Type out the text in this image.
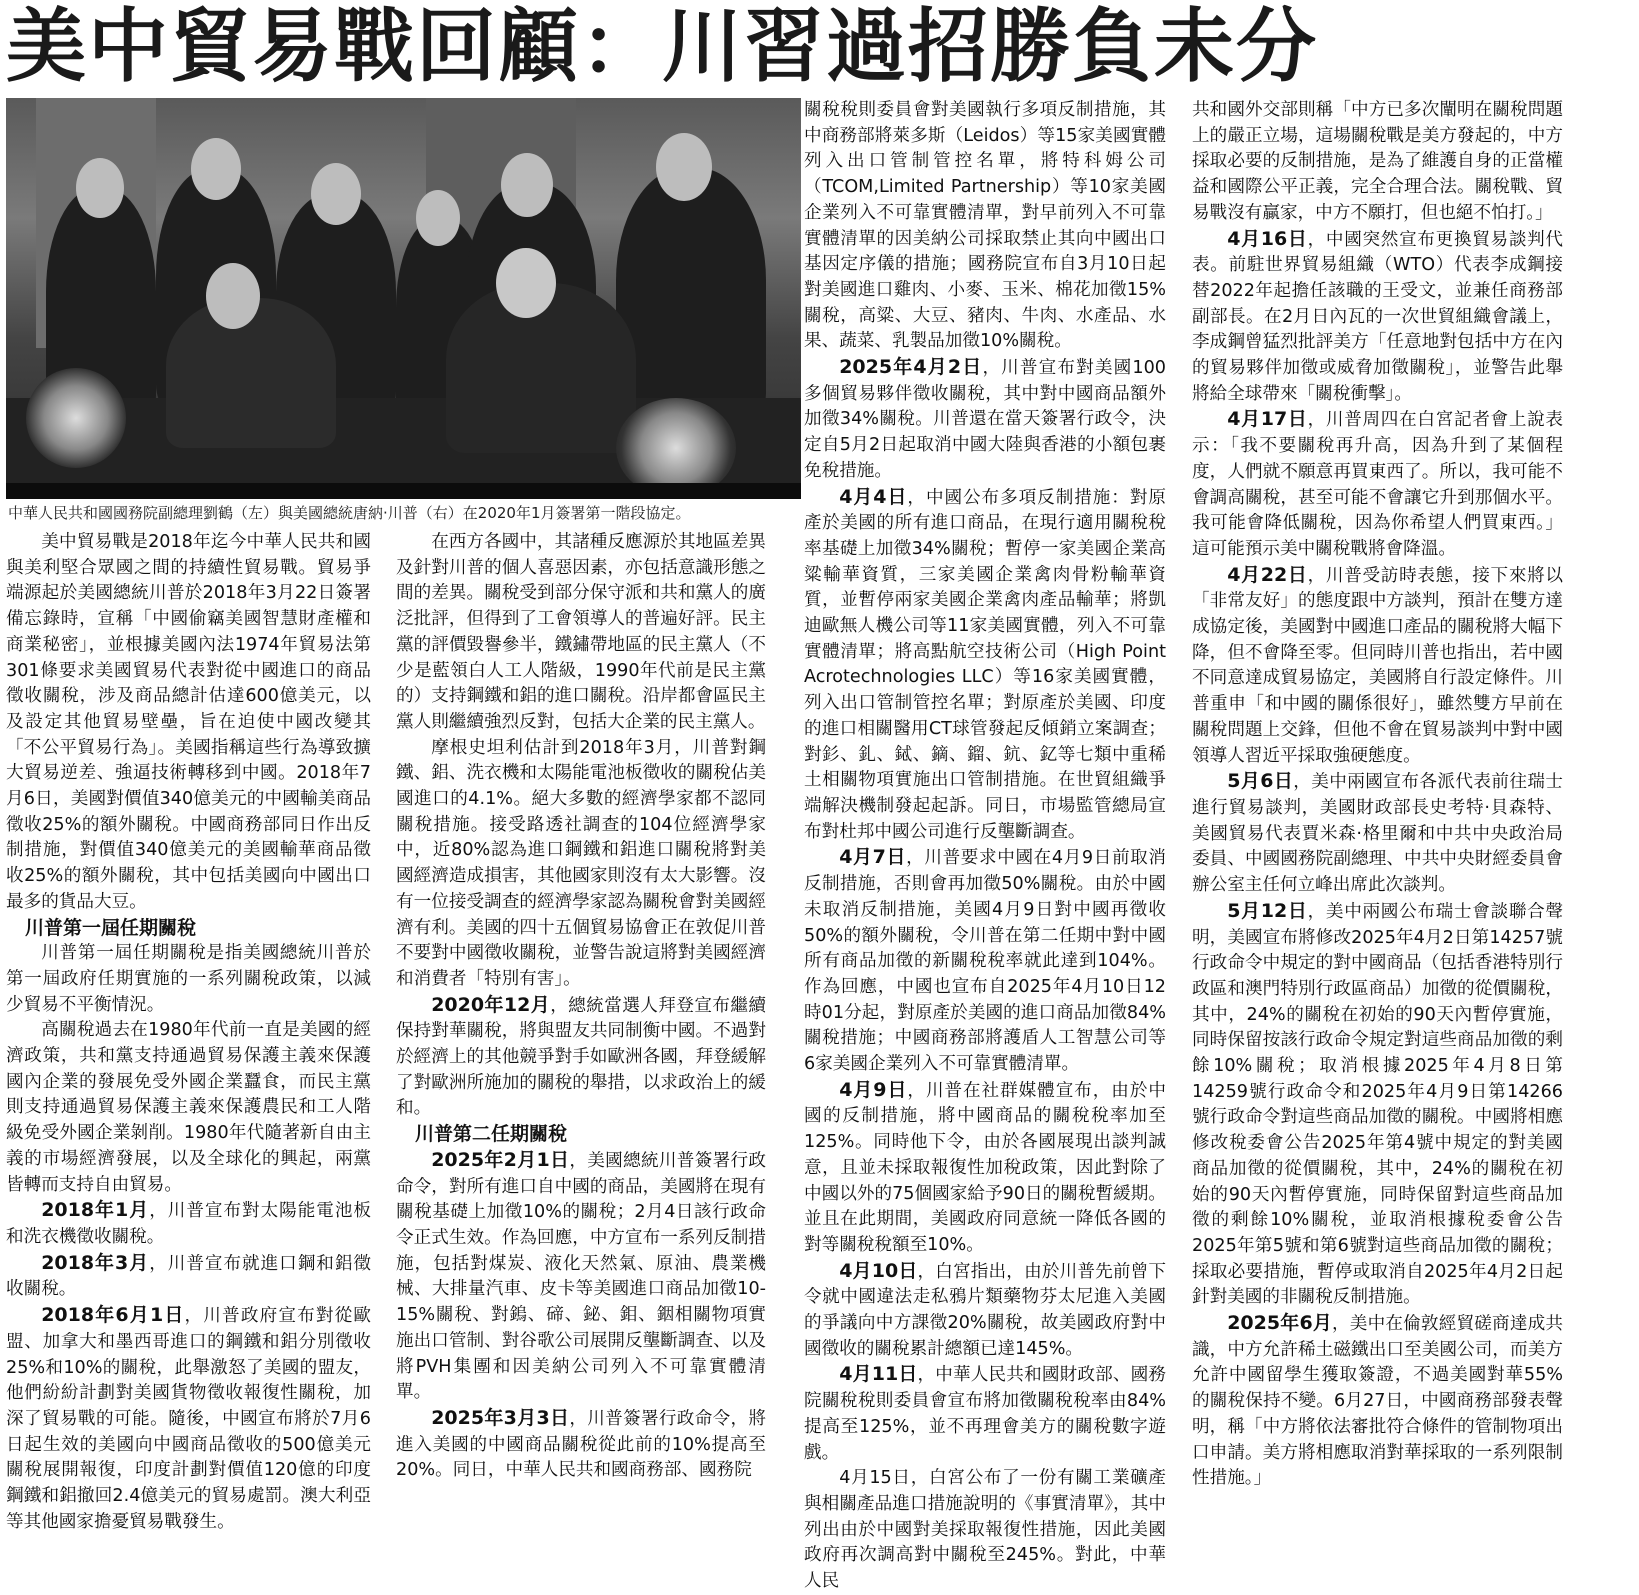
美中貿易戰回顧：川習過招勝負未分
中華人民共和國國務院副總理劉鶴（左）與美國總統唐納·川普（右）在2020年1月簽署第一階段協定。

美中貿易戰是2018年迄今中華人民共和國與美利堅合眾國之間的持續性貿易戰。貿易爭端源起於美國總統川普於2018年3月22日簽署備忘錄時，宣稱「中國偷竊美國智慧財產權和商業秘密」，並根據美國內法1974年貿易法第301條要求美國貿易代表對從中國進口的商品徵收關稅，涉及商品總計估達600億美元，以及設定其他貿易壁壘，旨在迫使中國改變其「不公平貿易行為」。美國指稱這些行為導致擴大貿易逆差、強逼技術轉移到中國。2018年7月6日，美國對價值340億美元的中國輸美商品徵收25%的額外關稅。中國商務部同日作出反制措施，對價值340億美元的美國輸華商品徵收25%的額外關稅，其中包括美國向中國出口最多的貨品大豆。

川普第一屆任期關稅

川普第一屆任期關稅是指美國總統川普於第一屆政府任期實施的一系列關稅政策，以減少貿易不平衡情況。

高關稅過去在1980年代前一直是美國的經濟政策，共和黨支持通過貿易保護主義來保護國內企業的發展免受外國企業蠶食，而民主黨則支持通過貿易保護主義來保護農民和工人階級免受外國企業剝削。1980年代隨著新自由主義的市場經濟發展，以及全球化的興起，兩黨皆轉而支持自由貿易。

2018年1月，川普宣布對太陽能電池板和洗衣機徵收關稅。

2018年3月，川普宣布就進口鋼和鋁徵收關稅。

2018年6月1日，川普政府宣布對從歐盟、加拿大和墨西哥進口的鋼鐵和鋁分別徵收25%和10%的關稅，此舉激怒了美國的盟友，他們紛紛計劃對美國貨物徵收報復性關稅，加深了貿易戰的可能。隨後，中國宣布將於7月6日起生效的美國向中國商品徵收的500億美元關稅展開報復，印度計劃對價值120億的印度鋼鐵和鋁撤回2.4億美元的貿易處罰。澳大利亞等其他國家擔憂貿易戰發生。

在西方各國中，其諸種反應源於其地區差異及針對川普的個人喜惡因素，亦包括意識形態之間的差異。關稅受到部分保守派和共和黨人的廣泛批評，但得到了工會領導人的普遍好評。民主黨的評價毀譽參半，鐵鏽帶地區的民主黨人（不少是藍領白人工人階級，1990年代前是民主黨的）支持鋼鐵和鋁的進口關稅。沿岸都會區民主黨人則繼續強烈反對，包括大企業的民主黨人。

摩根史坦利估計到2018年3月，川普對鋼鐵、鋁、洗衣機和太陽能電池板徵收的關稅佔美國進口的4.1%。絕大多數的經濟學家都不認同關稅措施。接受路透社調查的104位經濟學家中，近80%認為進口鋼鐵和鋁進口關稅將對美國經濟造成損害，其他國家則沒有太大影響。沒有一位接受調查的經濟學家認為關稅會對美國經濟有利。美國的四十五個貿易協會正在敦促川普不要對中國徵收關稅，並警告說這將對美國經濟和消費者「特別有害」。

2020年12月，總統當選人拜登宣布繼續保持對華關稅，將與盟友共同制衡中國。不過對於經濟上的其他競爭對手如歐洲各國，拜登緩解了對歐洲所施加的關稅的舉措，以求政治上的緩和。

川普第二任期關稅

2025年2月1日，美國總統川普簽署行政命令，對所有進口自中國的商品，美國將在現有關稅基礎上加徵10%的關稅；2月4日該行政命令正式生效。作為回應，中方宣布一系列反制措施，包括對煤炭、液化天然氣、原油、農業機械、大排量汽車、皮卡等美國進口商品加徵10-15%關稅、對鎢、碲、鉍、鉬、銦相關物項實施出口管制、對谷歌公司展開反壟斷調查、以及將PVH集團和因美納公司列入不可靠實體清單。

2025年3月3日，川普簽署行政命令，將進入美國的中國商品關稅從此前的10%提高至20%。同日，中華人民共和國商務部、國務院

關稅稅則委員會對美國執行多項反制措施，其中商務部將萊多斯（Leidos）等15家美國實體列入出口管制管控名單，將特科姆公司（TCOM,Limited Partnership）等10家美國企業列入不可靠實體清單，對早前列入不可靠實體清單的因美納公司採取禁止其向中國出口基因定序儀的措施；國務院宣布自3月10日起對美國進口雞肉、小麥、玉米、棉花加徵15%關稅，高粱、大豆、豬肉、牛肉、水產品、水果、蔬菜、乳製品加徵10%關稅。

2025年4月2日，川普宣布對美國100多個貿易夥伴徵收關稅，其中對中國商品額外加徵34%關稅。川普還在當天簽署行政令，決定自5月2日起取消中國大陸與香港的小額包裹免稅措施。

4月4日，中國公布多項反制措施：對原產於美國的所有進口商品，在現行適用關稅稅率基礎上加徵34%關稅；暫停一家美國企業高粱輸華資質，三家美國企業禽肉骨粉輸華資質，並暫停兩家美國企業禽肉產品輸華；將凱迪歐無人機公司等11家美國實體，列入不可靠實體清單；將高點航空技術公司（High Point Acrotechnologies LLC）等16家美國實體，列入出口管制管控名單；對原產於美國、印度的進口相關醫用CT球管發起反傾銷立案調查；對釤、釓、鋱、鏑、鎦、鈧、釔等七類中重稀土相關物項實施出口管制措施。在世貿組織爭端解決機制發起起訴。同日，市場監管總局宣布對杜邦中國公司進行反壟斷調查。

4月7日，川普要求中國在4月9日前取消反制措施，否則會再加徵50%關稅。由於中國未取消反制措施，美國4月9日對中國再徵收50%的額外關稅，令川普在第二任期中對中國所有商品加徵的新關稅稅率就此達到104%。作為回應，中國也宣布自2025年4月10日12時01分起，對原產於美國的進口商品加徵84%關稅措施；中國商務部將護盾人工智慧公司等6家美國企業列入不可靠實體清單。

4月9日，川普在社群媒體宣布，由於中國的反制措施，將中國商品的關稅稅率加至125%。同時他下令，由於各國展現出談判誠意，且並未採取報復性加稅政策，因此對除了中國以外的75個國家給予90日的關稅暫緩期。並且在此期間，美國政府同意統一降低各國的對等關稅稅額至10%。

4月10日，白宮指出，由於川普先前曾下令就中國違法走私鴉片類藥物芬太尼進入美國的爭議向中方課徵20%關稅，故美國政府對中國徵收的關稅累計總額已達145%。

4月11日，中華人民共和國財政部、國務院關稅稅則委員會宣布將加徵關稅稅率由84%提高至125%，並不再理會美方的關稅數字遊戲。

4月15日，白宮公布了一份有關工業礦產與相關產品進口措施說明的《事實清單》，其中列出由於中國對美採取報復性措施，因此美國政府再次調高對中關稅至245%。對此，中華人民

共和國外交部則稱「中方已多次闡明在關稅問題上的嚴正立場，這場關稅戰是美方發起的，中方採取必要的反制措施，是為了維護自身的正當權益和國際公平正義，完全合理合法。關稅戰、貿易戰沒有贏家，中方不願打，但也絕不怕打。」

4月16日，中國突然宣布更換貿易談判代表。前駐世界貿易組織（WTO）代表李成鋼接替2022年起擔任該職的王受文，並兼任商務部副部長。在2月日內瓦的一次世貿組織會議上，李成鋼曾猛烈批評美方「任意地對包括中方在內的貿易夥伴加徵或威脅加徵關稅」，並警告此舉將給全球帶來「關稅衝擊」。

4月17日，川普周四在白宮記者會上說表示：「我不要關稅再升高，因為升到了某個程度，人們就不願意再買東西了。所以，我可能不會調高關稅，甚至可能不會讓它升到那個水平。我可能會降低關稅，因為你希望人們買東西。」這可能預示美中關稅戰將會降溫。

4月22日，川普受訪時表態，接下來將以「非常友好」的態度跟中方談判，預計在雙方達成協定後，美國對中國進口產品的關稅將大幅下降，但不會降至零。但同時川普也指出，若中國不同意達成貿易協定，美國將自行設定條件。川普重申「和中國的關係很好」，雖然雙方早前在關稅問題上交鋒，但他不會在貿易談判中對中國領導人習近平採取強硬態度。

5月6日，美中兩國宣布各派代表前往瑞士進行貿易談判，美國財政部長史考特·貝森特、美國貿易代表賈米森·格里爾和中共中央政治局委員、中國國務院副總理、中共中央財經委員會辦公室主任何立峰出席此次談判。

5月12日，美中兩國公布瑞士會談聯合聲明，美國宣布將修改2025年4月2日第14257號行政命令中規定的對中國商品（包括香港特別行政區和澳門特別行政區商品）加徵的從價關稅，其中，24%的關稅在初始的90天內暫停實施，同時保留按該行政命令規定對這些商品加徵的剩餘10%關稅；取消根據2025年4月8日第14259號行政命令和2025年4月9日第14266號行政命令對這些商品加徵的關稅。中國將相應修改稅委會公告2025年第4號中規定的對美國商品加徵的從價關稅，其中，24%的關稅在初始的90天內暫停實施，同時保留對這些商品加徵的剩餘10%關稅，並取消根據稅委會公告2025年第5號和第6號對這些商品加徵的關稅；採取必要措施，暫停或取消自2025年4月2日起針對美國的非關稅反制措施。

2025年6月，美中在倫敦經貿磋商達成共識，中方允許稀土磁鐵出口至美國公司，而美方允許中國留學生獲取簽證，不過美國對華55%的關稅保持不變。6月27日，中國商務部發表聲明，稱「中方將依法審批符合條件的管制物項出口申請。美方將相應取消對華採取的一系列限制性措施。」
